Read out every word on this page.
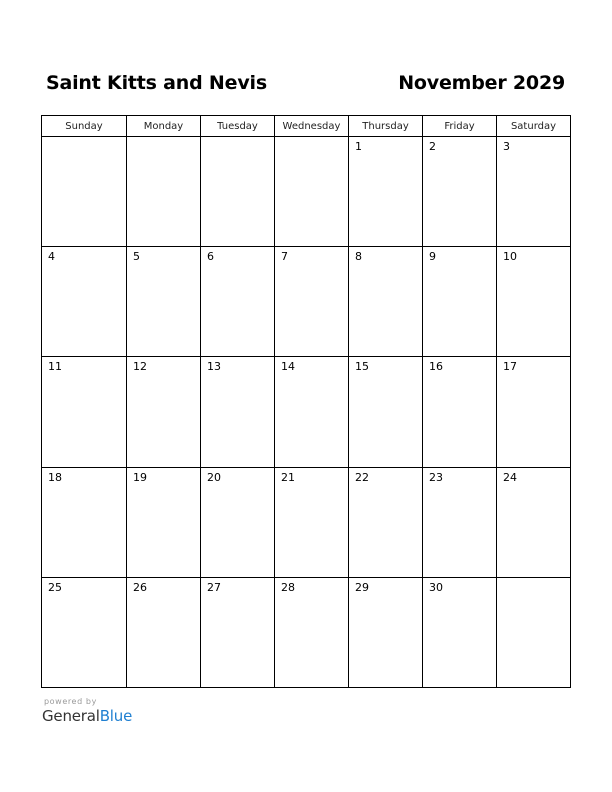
Saint Kitts and Nevis	November 2029
Sunday	Monday	Tuesday	Wednesday	Thursday	Friday	Saturday

				1	2	3

4	5	6	7	8	9	10

11	12	13	14	15	16	17

18	19	20	21	22	23	24

25	26	27	28	29	30	

powered by
GeneralBlue
